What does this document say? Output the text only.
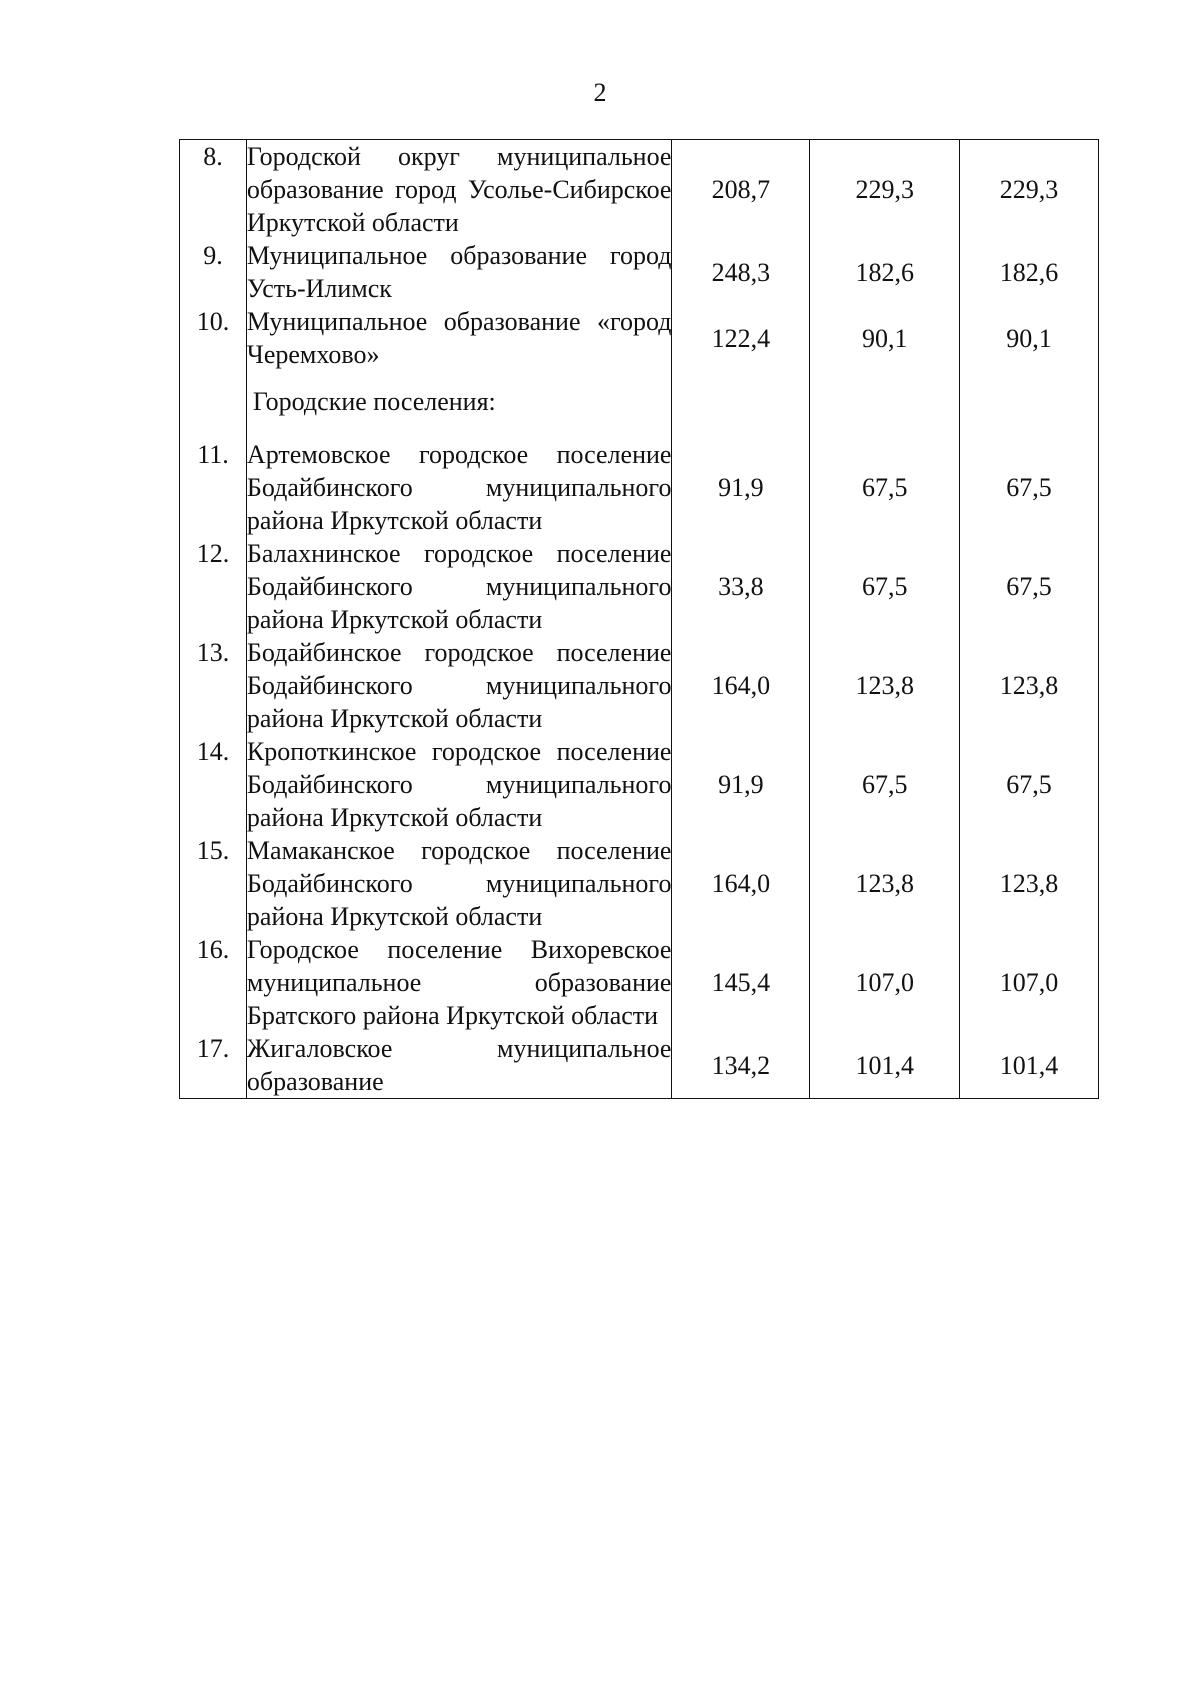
2
8.	Городской округ муниципальное образование город Усолье-Сибирское Иркутской области	208,7	229,3	229,3
9.	Муниципальное образование город Усть-Илимск	248,3	182,6	182,6
10.	Муниципальное образование «город Черемхово»	122,4	90,1	90,1

	Городские поселения:			

11.	Артемовское городское поселение Бодайбинского муниципального района Иркутской области	91,9	67,5	67,5
12.	Балахнинское городское поселение Бодайбинского муниципального района Иркутской области	33,8	67,5	67,5
13.	Бодайбинское городское поселение Бодайбинского муниципального района Иркутской области	164,0	123,8	123,8
14.	Кропоткинское городское поселение Бодайбинского муниципального района Иркутской области	91,9	67,5	67,5
15.	Мамаканское городское поселение Бодайбинского муниципального района Иркутской области	164,0	123,8	123,8
16.	Городское поселение Вихоревское муниципальное образование Братского района Иркутской области	145,4	107,0	107,0
17.	Жигаловское муниципальное образование	134,2	101,4	101,4
